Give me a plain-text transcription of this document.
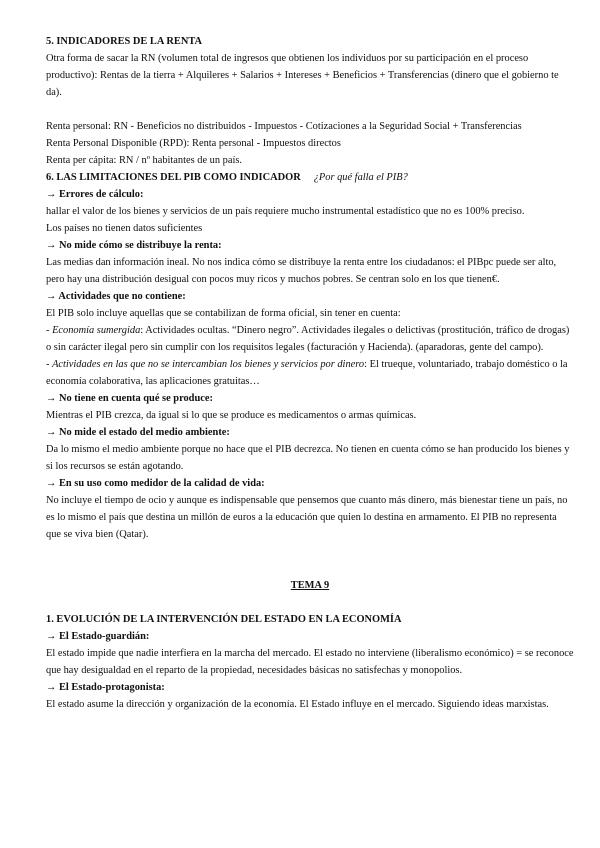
5. INDICADORES DE LA RENTA

Otra forma de sacar la RN (volumen total de ingresos que obtienen los individuos por su participación en el proceso productivo): Rentas de la tierra + Alquileres + Salarios + Intereses + Beneficios + Transferencias (dinero que el gobierno te da).

Renta personal: RN - Beneficios no distribuidos - Impuestos - Cotizaciones a la Seguridad Social + Transferencias

Renta Personal Disponible (RPD): Renta personal - Impuestos directos

Renta per cápita: RN / nº habitantes de un país.

6. LAS LIMITACIONES DEL PIB COMO INDICADOR ¿Por qué falla el PIB?

→ Errores de cálculo:

hallar el valor de los bienes y servicios de un país requiere mucho instrumental estadístico que no es 100% preciso.

Los países no tienen datos suficientes

→ No mide cómo se distribuye la renta:

Las medias dan información ineal. No nos indica cómo se distribuye la renta entre los ciudadanos: el PIBpc puede ser alto, pero hay una distribución desigual con pocos muy ricos y muchos pobres. Se centran solo en los que tienen€.

→ Actividades que no contiene:

El PIB solo incluye aquellas que se contabilizan de forma oficial, sin tener en cuenta:

- Economía sumergida: Actividades ocultas. “Dinero negro”. Actividades ilegales o delictivas (prostitución, tráfico de drogas) o sin carácter ilegal pero sin cumplir con los requisitos legales (facturación y Hacienda). (aparadoras, gente del campo).

- Actividades en las que no se intercambian los bienes y servicios por dinero: El trueque, voluntariado, trabajo doméstico o la economía colaborativa, las aplicaciones gratuitas…

→ No tiene en cuenta qué se produce:

Mientras el PIB crezca, da igual si lo que se produce es medicamentos o armas químicas.

→ No mide el estado del medio ambiente:

Da lo mismo el medio ambiente porque no hace que el PIB decrezca. No tienen en cuenta cómo se han producido los bienes y si los recursos se están agotando.

→ En su uso como medidor de la calidad de vida:

No incluye el tiempo de ocio y aunque es indispensable que pensemos que cuanto más dinero, más bienestar tiene un país, no es lo mismo el país que destina un millón de euros a la educación que quien lo destina en armamento. El PIB no representa que se viva bien (Qatar).

TEMA 9

1. EVOLUCIÓN DE LA INTERVENCIÓN DEL ESTADO EN LA ECONOMÍA

→ El Estado-guardián:

El estado impide que nadie interfiera en la marcha del mercado. El estado no interviene (liberalismo económico) = se reconoce que hay desigualdad en el reparto de la propiedad, necesidades básicas no satisfechas y monopolios.

→ El Estado-protagonista:

El estado asume la dirección y organización de la economía. El Estado influye en el mercado. Siguiendo ideas marxistas.
